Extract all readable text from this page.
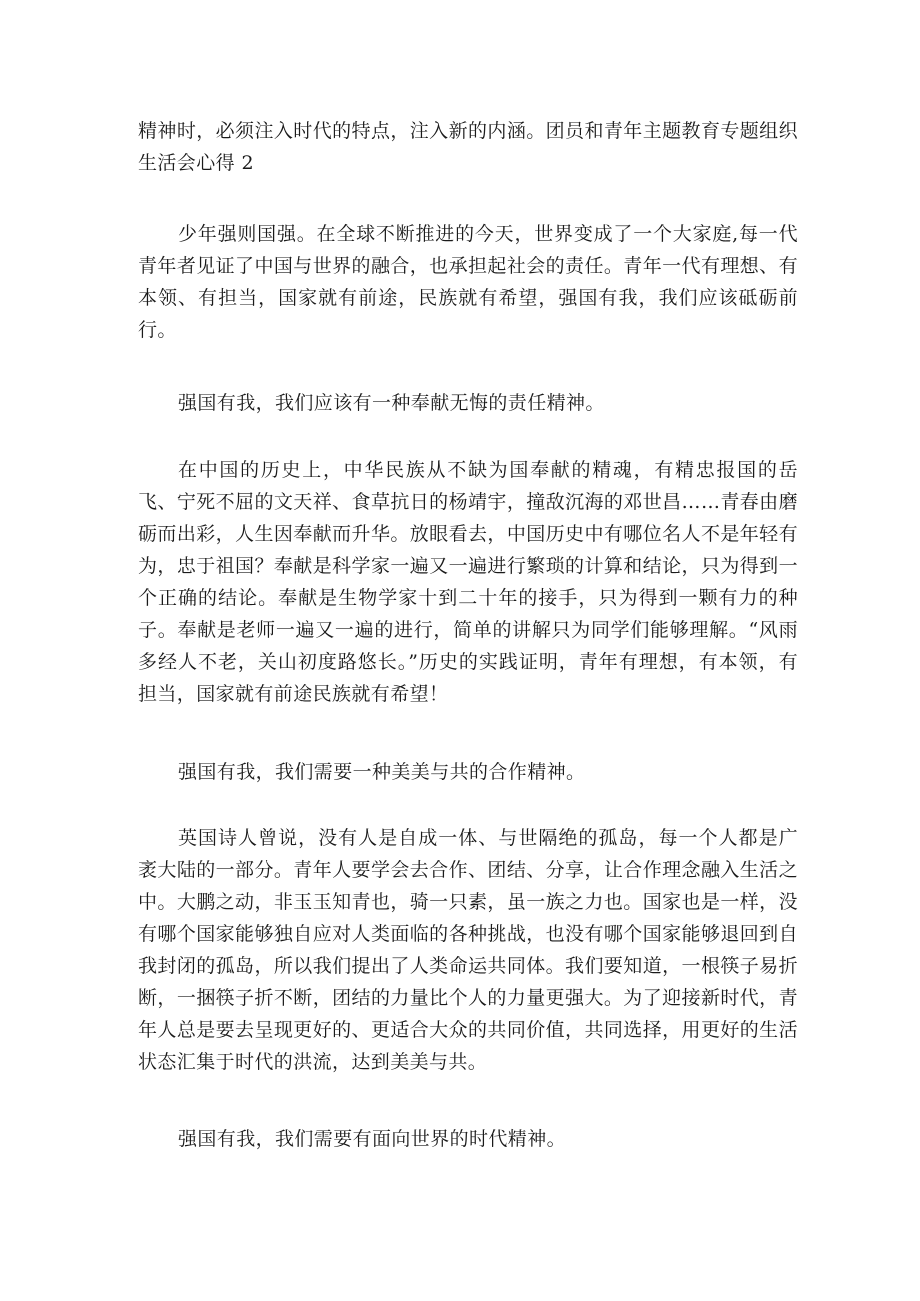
精神时，必须注入时代的特点，注入新的内涵。团员和青年主题教育专题组织生活会心得 2

少年强则国强。在全球不断推进的今天，世界变成了一个大家庭,每一代青年者见证了中国与世界的融合，也承担起社会的责任。青年一代有理想、有本领、有担当，国家就有前途，民族就有希望，强国有我，我们应该砥砺前行。

强国有我，我们应该有一种奉献无悔的责任精神。

在中国的历史上，中华民族从不缺为国奉献的精魂，有精忠报国的岳飞、宁死不屈的文天祥、食草抗日的杨靖宇，撞敌沉海的邓世昌……青春由磨砺而出彩，人生因奉献而升华。放眼看去，中国历史中有哪位名人不是年轻有为，忠于祖国？奉献是科学家一遍又一遍进行繁琐的计算和结论，只为得到一个正确的结论。奉献是生物学家十到二十年的接手，只为得到一颗有力的种子。奉献是老师一遍又一遍的进行，简单的讲解只为同学们能够理解。“风雨多经人不老，关山初度路悠长。”历史的实践证明，青年有理想，有本领，有担当，国家就有前途民族就有希望！

强国有我，我们需要一种美美与共的合作精神。

英国诗人曾说，没有人是自成一体、与世隔绝的孤岛，每一个人都是广袤大陆的一部分。青年人要学会去合作、团结、分享，让合作理念融入生活之中。大鹏之动，非玉玉知青也，骑一只素，虽一族之力也。国家也是一样，没有哪个国家能够独自应对人类面临的各种挑战，也没有哪个国家能够退回到自我封闭的孤岛，所以我们提出了人类命运共同体。我们要知道，一根筷子易折断，一捆筷子折不断，团结的力量比个人的力量更强大。为了迎接新时代，青年人总是要去呈现更好的、更适合大众的共同价值，共同选择，用更好的生活状态汇集于时代的洪流，达到美美与共。

强国有我，我们需要有面向世界的时代精神。
